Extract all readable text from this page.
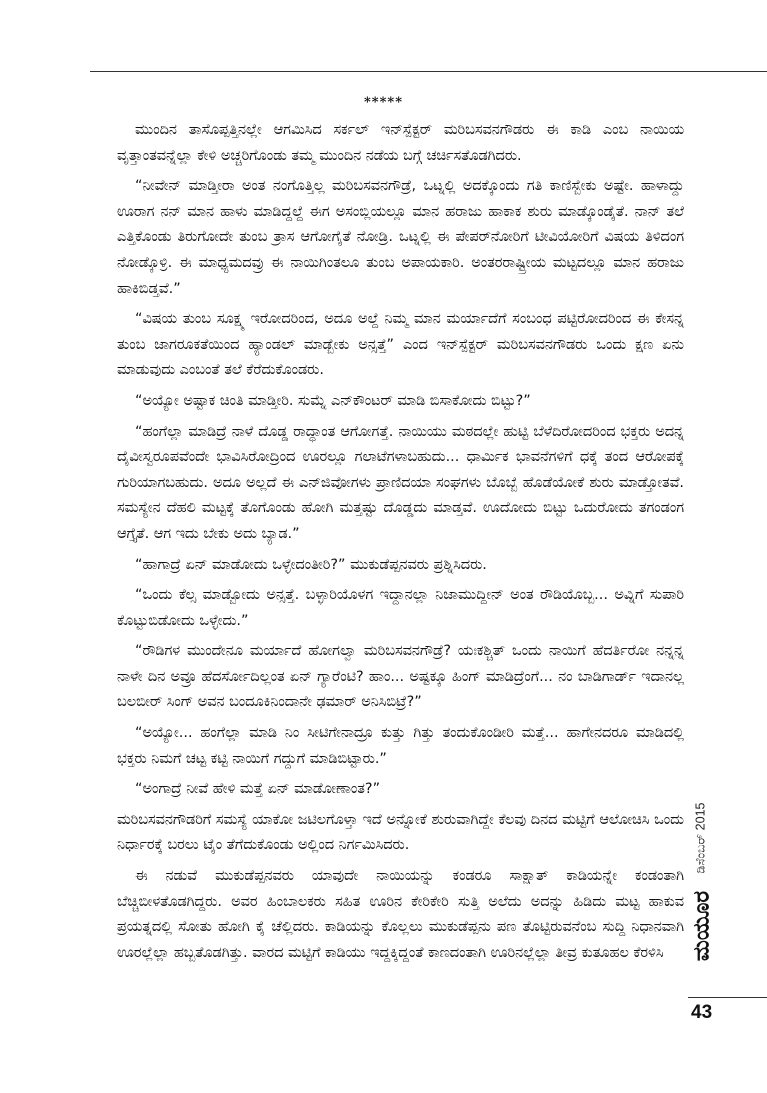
*****

ಮುಂದಿನ ತಾಸೊಪ್ಪತ್ತಿನಲ್ಲೇ ಆಗಮಿಸಿದ ಸರ್ಕಲ್ ಇನ್‌ಸ್ಪೆಕ್ಟರ್ ಮರಿಬಸವನಗೌಡರು ಈ ಕಾಡಿ ಎಂಬ ನಾಯಿಯ ವೃತ್ತಾಂತವನ್ನೆಲ್ಲಾ ಕೇಳಿ ಅಚ್ಚರಿಗೊಂಡು ತಮ್ಮ ಮುಂದಿನ ನಡೆಯ ಬಗ್ಗೆ ಚರ್ಚಿಸತೊಡಗಿದರು.

“ನೀವೇನ್ ಮಾಡ್ತೀರಾ ಅಂತ ನಂಗೊತ್ತಿಲ್ಲ ಮರಿಬಸವನಗೌಡ್ರೆ, ಒಟ್ನಲ್ಲಿ ಅದಕ್ಕೊಂದು ಗತಿ ಕಾಣಿಸ್ಬೇಕು ಅಷ್ಟೇ. ಹಾಳಾದ್ದು ಊರಾಗ ನನ್ ಮಾನ ಹಾಳು ಮಾಡಿದ್ದಲ್ದೆ ಈಗ ಅಸಂಬ್ಲಿಯಲ್ಲೂ ಮಾನ ಹರಾಜು ಹಾಕಾಕ ಶುರು ಮಾಡ್ಕೊಂಡೈತೆ. ನಾನ್ ತಲೆ ಎತ್ತಿಕೊಂಡು ತಿರುಗೋದೇ ತುಂಬ ತ್ರಾಸ ಆಗೋಗೈತೆ ನೋಡ್ರಿ. ಒಟ್ನಲ್ಲಿ ಈ ಪೇಪರ್‌ನೋರಿಗೆ ಟೀವಿಯೋರಿಗೆ ವಿಷಯ ತಿಳಿದಂಗ ನೋಡ್ಕೊಳ್ರಿ. ಈ ಮಾಧ್ಯಮದವ್ರು ಈ ನಾಯಿಗಿಂತಲೂ ತುಂಬ ಅಪಾಯಕಾರಿ. ಅಂತರರಾಷ್ಟ್ರೀಯ ಮಟ್ಟದಲ್ಲೂ ಮಾನ ಹರಾಜು ಹಾಕಿಬಿಡ್ತವೆ.”

“ವಿಷಯ ತುಂಬ ಸೂಕ್ಷ್ಮ ಇರೋದರಿಂದ, ಅದೂ ಅಲ್ದೆ ನಿಮ್ಮ ಮಾನ ಮರ್ಯಾದೆಗೆ ಸಂಬಂಧ ಪಟ್ಟಿರೋದರಿಂದ ಈ ಕೇಸನ್ನ ತುಂಬ ಜಾಗರೂಕತೆಯಿಂದ ಹ್ಯಾಂಡಲ್ ಮಾಡ್ಬೇಕು ಅನ್ಸತ್ತೆ” ಎಂದ ಇನ್‌ಸ್ಪೆಕ್ಟರ್ ಮರಿಬಸವನಗೌಡರು ಒಂದು ಕ್ಷಣ ಏನು ಮಾಡುವುದು ಎಂಬಂತೆ ತಲೆ ಕೆರೆದುಕೊಂಡರು.

“ಅಯ್ಯೋ ಅಷ್ಟಾಕ ಚಿಂತಿ ಮಾಡ್ತೀರಿ. ಸುಮ್ನೆ ಎನ್‌ಕೌಂಟರ್ ಮಾಡಿ ಬಿಸಾಕೋದು ಬಿಟ್ಟು?”

“ಹಂಗೆಲ್ಲಾ ಮಾಡಿದ್ರೆ ನಾಳೆ ದೊಡ್ಡ ರಾದ್ಧಾಂತ ಆಗೋಗತ್ತೆ. ನಾಯಿಯು ಮಠದಲ್ಲೇ ಹುಟ್ಟಿ ಬೆಳೆದಿರೋದರಿಂದ ಭಕ್ತರು ಅದನ್ನ ದೈವೀಸ್ವರೂಪವೆಂದೇ ಭಾವಿಸಿರೋದ್ರಿಂದ ಊರಲ್ಲೂ ಗಲಾಟೆಗಳಾಬಹುದು... ಧಾರ್ಮಿಕ ಭಾವನೆಗಳಿಗೆ ಧಕ್ಕೆ ತಂದ ಆರೋಪಕ್ಕೆ ಗುರಿಯಾಗಬಹುದು. ಅದೂ ಅಲ್ಲದೆ ಈ ಎನ್‌ಜಿವೋಗಳು ಪ್ರಾಣಿದಯಾ ಸಂಘಗಳು ಬೊಬ್ಬೆ ಹೊಡೆಯೋಕೆ ಶುರು ಮಾಡ್ತೋತವೆ. ಸಮಸ್ಯೇನ ದೆಹಲಿ ಮಟ್ಟಕ್ಕೆ ತೊಗೊಂಡು ಹೋಗಿ ಮತ್ತಷ್ಟು ದೊಡ್ಡದು ಮಾಡ್ತವೆ. ಊದೋದು ಬಿಟ್ಟು ಒದುರೋದು ತಗಂಡಂಗ ಆಗ್ತೈತೆ. ಆಗ ಇದು ಬೇಕು ಅದು ಬ್ಯಾಡ.”

“ಹಾಗಾದ್ರೆ ಏನ್ ಮಾಡೋದು ಒಳ್ಳೇದಂತೀರಿ?” ಮುಕುಡೆಪ್ಪನವರು ಪ್ರಶ್ನಿಸಿದರು.

“ಒಂದು ಕೆಲ್ಸ ಮಾಡ್ಬೋದು ಅನ್ಸತ್ತೆ. ಬಳ್ಳಾರಿಯೊಳಗ ಇದ್ದಾನಲ್ಲಾ ನಿಜಾಮುದ್ದೀನ್ ಅಂತ ರೌಡಿಯೊಬ್ಬ... ಅವ್ನಿಗೆ ಸುಪಾರಿ ಕೊಟ್ಟುಬಿಡೋದು ಒಳ್ಳೇದು.”

“ರೌಡಿಗಳ ಮುಂದೇನೂ ಮರ್ಯಾದೆ ಹೋಗಲ್ವಾ ಮರಿಬಸವನಗೌಡ್ರೆ? ಯಃಕಶ್ಚಿತ್ ಒಂದು ನಾಯಿಗೆ ಹೆದರ್ತಿರೋ ನನ್ನನ್ನ ನಾಳೇ ದಿನ ಅವ್ರೂ ಹೆದರ್ಸೋದಿಲ್ಲಂತ ಏನ್ ಗ್ಯಾರೆಂಟಿ? ಹಾಂ... ಅಷ್ಟಕ್ಕೂ ಹಿಂಗ್ ಮಾಡಿದ್ರೆಂಗೆ... ನಂ ಬಾಡಿಗಾರ್ಡ್ ಇದಾನಲ್ಲ ಬಲಬೀರ್ ಸಿಂಗ್ ಅವನ ಬಂದೂಕಿನಿಂದಾನೇ ಢಮಾರ್ ಅನಿಸಿಬಿಟ್ರೆ?”

“ಅಯ್ಯೋ... ಹಂಗೆಲ್ಲಾ ಮಾಡಿ ನಿಂ ಸೀಟಿಗೇನಾದ್ರೂ ಕುತ್ತು ಗಿತ್ತು ತಂದುಕೊಂಡೀರಿ ಮತ್ತೆ... ಹಾಗೇನದರೂ ಮಾಡಿದಲ್ಲಿ ಭಕ್ತರು ನಿಮಗೆ ಚಟ್ಟ ಕಟ್ಟಿ ನಾಯಿಗೆ ಗದ್ದುಗೆ ಮಾಡಿಬಿಟ್ಟಾರು.”

“ಅಂಗಾದ್ರೆ ನೀವೆ ಹೇಳಿ ಮತ್ತೆ ಏನ್ ಮಾಡೋಣಾಂತ?”

ಮರಿಬಸವನಗೌಡರಿಗೆ ಸಮಸ್ಯೆ ಯಾಕೋ ಜಟಿಲಗೊಳ್ತಾ ಇದೆ ಅನ್ನೋಕೆ ಶುರುವಾಗಿದ್ದೇ ಕೆಲವು ದಿನದ ಮಟ್ಟಿಗೆ ಆಲೋಚಿಸಿ ಒಂದು ನಿರ್ಧಾರಕ್ಕೆ ಬರಲು ಟೈಂ ತೆಗೆದುಕೊಂಡು ಅಲ್ಲಿಂದ ನಿರ್ಗಮಿಸಿದರು.

ಈ ನಡುವೆ ಮುಕುಡೆಪ್ಪನವರು ಯಾವುದೇ ನಾಯಿಯನ್ನು ಕಂಡರೂ ಸಾಕ್ಷಾತ್ ಕಾಡಿಯನ್ನೇ ಕಂಡಂತಾಗಿ ಬೆಚ್ಚಿಬೀಳತೊಡಗಿದ್ದರು. ಅವರ ಹಿಂಬಾಲಕರು ಸಹಿತ ಊರಿನ ಕೇರಿಕೇರಿ ಸುತ್ತಿ ಅಲೆದು ಅದನ್ನು ಹಿಡಿದು ಮಟ್ಟ ಹಾಕುವ ಪ್ರಯತ್ನದಲ್ಲಿ ಸೋತು ಹೋಗಿ ಕೈ ಚೆಲ್ಲಿದರು. ಕಾಡಿಯನ್ನು ಕೊಲ್ಲಲು ಮುಕುಡೆಪ್ಪನು ಪಣ ತೊಟ್ಟಿರುವನೆಂಬ ಸುದ್ದಿ ನಿಧಾನವಾಗಿ ಊರಲ್ಲೆಲ್ಲಾ ಹಬ್ಬತೊಡಗಿತ್ತು. ವಾರದ ಮಟ್ಟಿಗೆ ಕಾಡಿಯು ಇದ್ದಕ್ಕಿದ್ದಂತೆ ಕಾಣದಂತಾಗಿ ಊರಿನಲ್ಲೆಲ್ಲಾ ತೀವ್ರ ಕುತೂಹಲ ಕೆರಳಿಸಿ

ಡಿಸೆಂಬರ್ 2015
ಮಯೂರ
43
